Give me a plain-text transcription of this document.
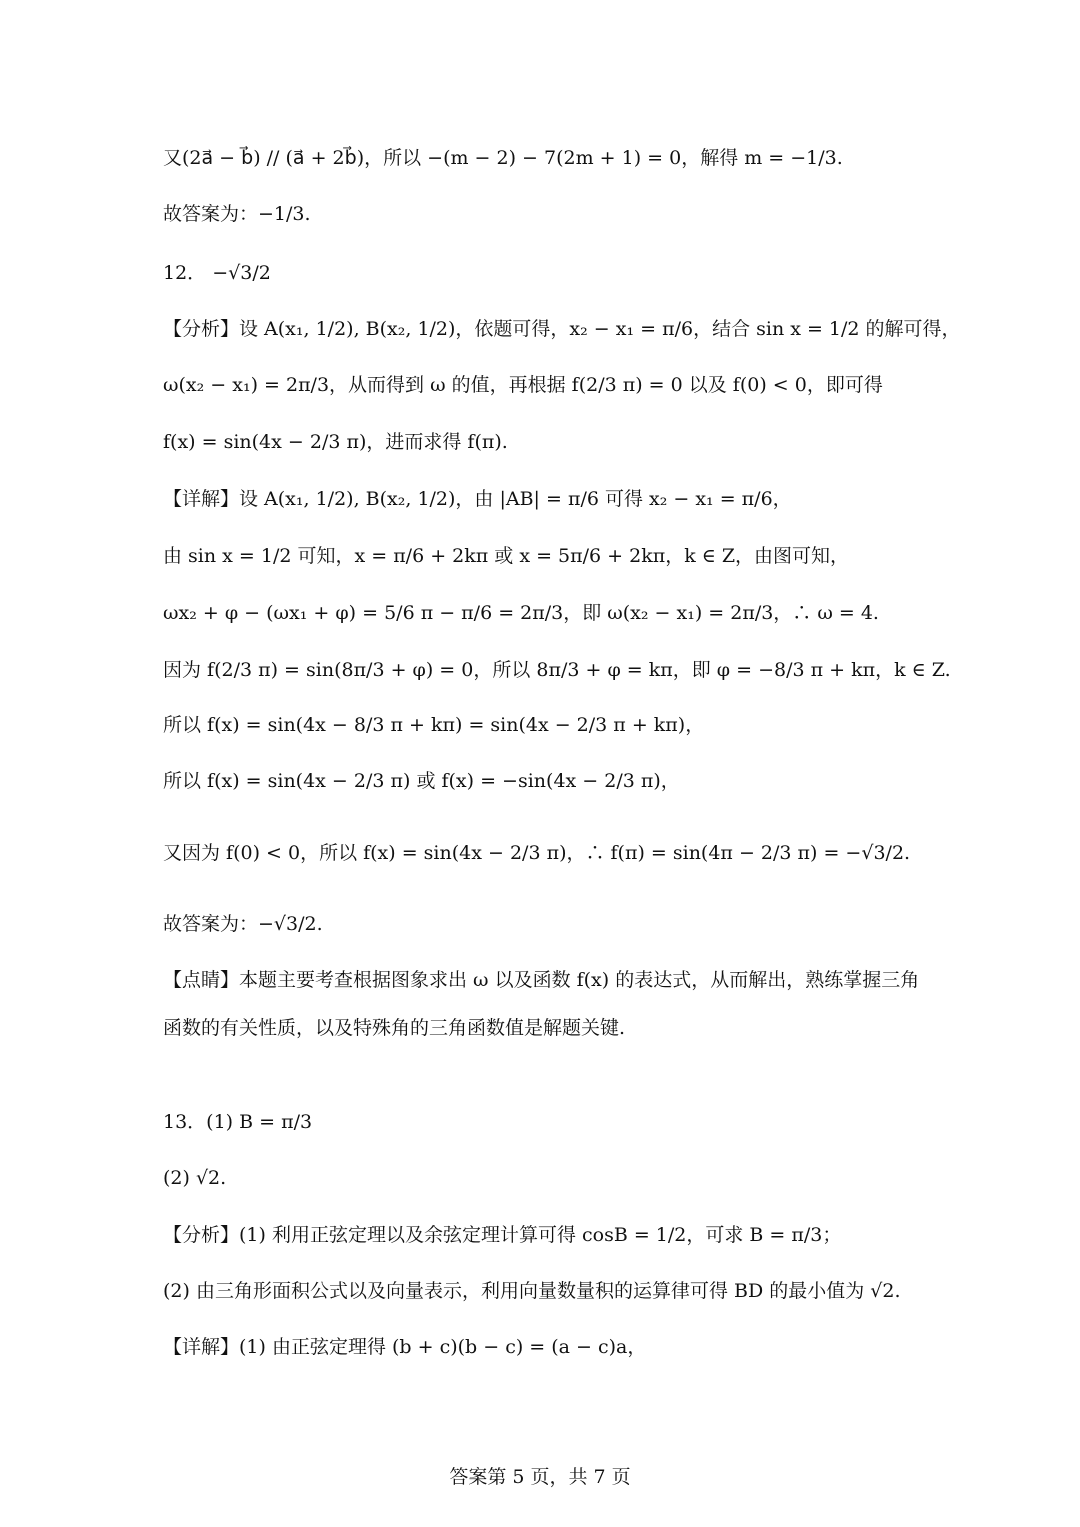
又(2a⃗ − b⃗) // (a⃗ + 2b⃗)，所以 −(m − 2) − 7(2m + 1) = 0，解得 m = −1/3.
故答案为：−1/3.
12． −√3/2
【分析】设 A(x₁, 1/2), B(x₂, 1/2)，依题可得，x₂ − x₁ = π/6，结合 sin x = 1/2 的解可得，
ω(x₂ − x₁) = 2π/3，从而得到 ω 的值，再根据 f(2/3 π) = 0 以及 f(0) < 0，即可得
f(x) = sin(4x − 2/3 π)，进而求得 f(π).
【详解】设 A(x₁, 1/2), B(x₂, 1/2)，由 |AB| = π/6 可得 x₂ − x₁ = π/6，
由 sin x = 1/2 可知，x = π/6 + 2kπ 或 x = 5π/6 + 2kπ，k ∈ Z，由图可知，
ωx₂ + φ − (ωx₁ + φ) = 5/6 π − π/6 = 2π/3，即 ω(x₂ − x₁) = 2π/3，∴ ω = 4.
因为 f(2/3 π) = sin(8π/3 + φ) = 0，所以 8π/3 + φ = kπ，即 φ = −8/3 π + kπ，k ∈ Z.
所以 f(x) = sin(4x − 8/3 π + kπ) = sin(4x − 2/3 π + kπ)，
所以 f(x) = sin(4x − 2/3 π) 或 f(x) = −sin(4x − 2/3 π)，
又因为 f(0) < 0，所以 f(x) = sin(4x − 2/3 π)，∴ f(π) = sin(4π − 2/3 π) = −√3/2.
故答案为：−√3/2.
【点睛】本题主要考查根据图象求出 ω 以及函数 f(x) 的表达式，从而解出，熟练掌握三角
函数的有关性质，以及特殊角的三角函数值是解题关键.
13．(1) B = π/3
(2) √2.
【分析】(1) 利用正弦定理以及余弦定理计算可得 cosB = 1/2，可求 B = π/3；
(2) 由三角形面积公式以及向量表示，利用向量数量积的运算律可得 BD 的最小值为 √2.
【详解】(1) 由正弦定理得 (b + c)(b − c) = (a − c)a，
答案第 5 页，共 7 页
